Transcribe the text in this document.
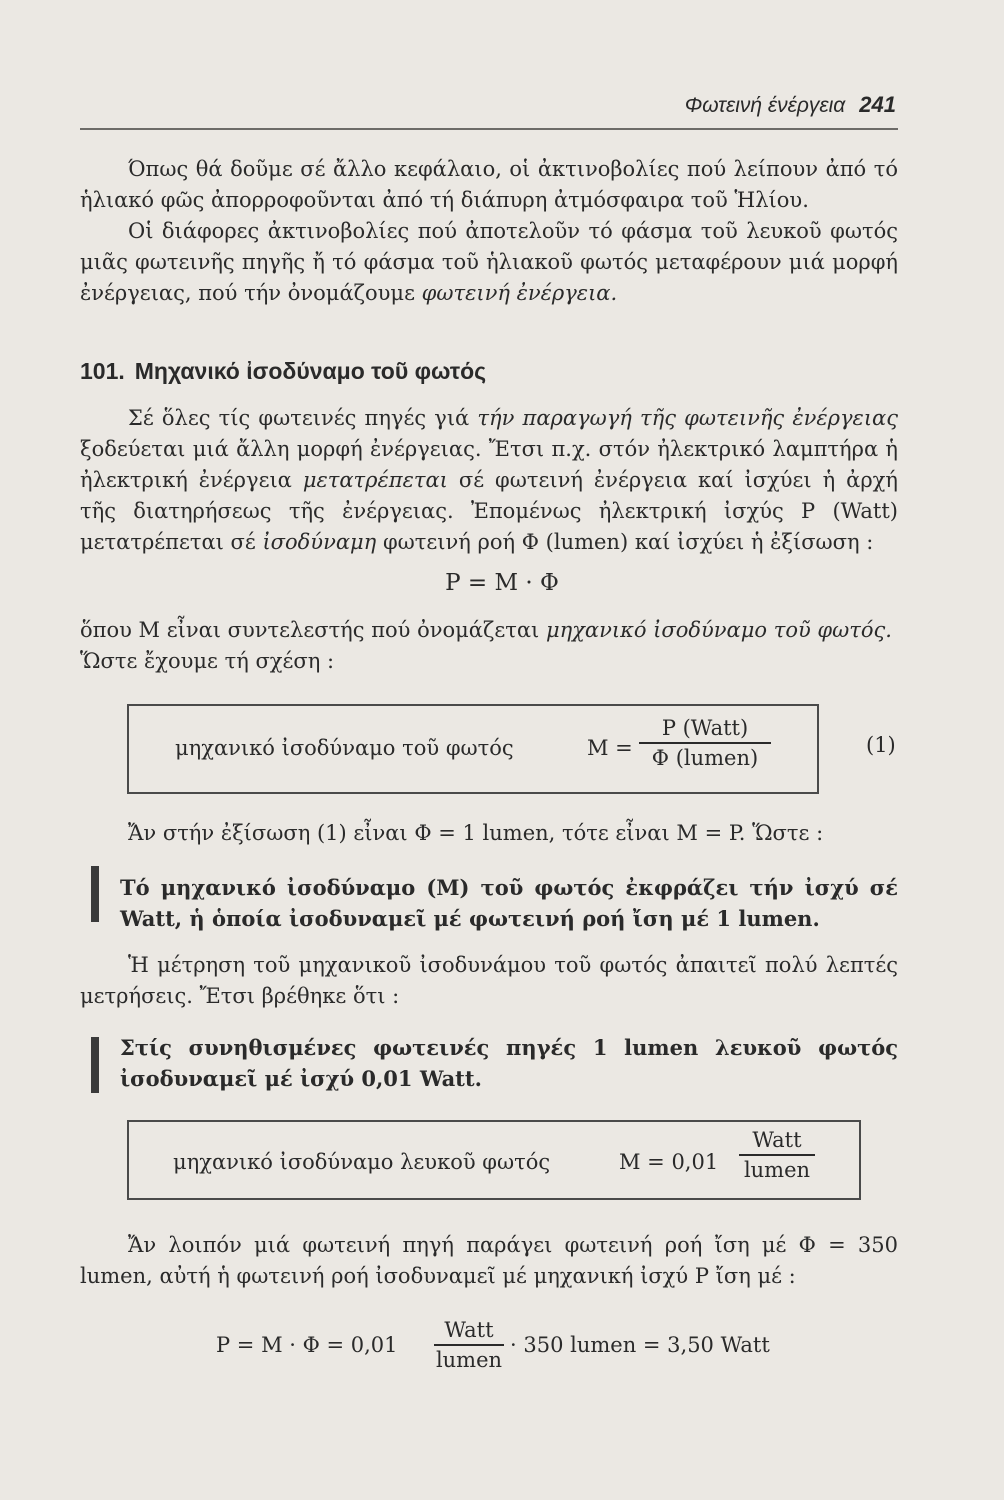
Φωτεινή ένέργεια 241

Όπως θά δοῦμε σέ ἄλλο κεφάλαιο, οἱ ἀκτινοβολίες πού λείπουν ἀπό τό ἡλιακό φῶς ἀπορροφοῦνται ἀπό τή διάπυρη ἀτμόσφαιρα τοῦ Ἡλίου.

Οἱ διάφορες ἀκτινοβολίες πού ἀποτελοῦν τό φάσμα τοῦ λευκοῦ φωτός μιᾶς φωτεινῆς πηγῆς ἤ τό φάσμα τοῦ ἡλιακοῦ φωτός μεταφέρουν μιά μορφή ἐνέργειας, πού τήν ὀνομάζουμε φωτεινή ἐνέργεια.

101. Μηχανικό ἰσοδύναμο τοῦ φωτός

Σέ ὅλες τίς φωτεινές πηγές γιά τήν παραγωγή τῆς φωτεινῆς ἐνέργειας ξοδεύεται μιά ἄλλη μορφή ἐνέργειας. Ἔτσι π.χ. στόν ἠλεκτρικό λαμπτήρα ἡ ἠλεκτρική ἐνέργεια μετατρέπεται σέ φωτεινή ἐνέργεια καί ἰσχύει ἡ ἀρχή τῆς διατηρήσεως τῆς ἐνέργειας. Ἐπομένως ἠλεκτρική ἰσχύς P (Watt) μετατρέπεται σέ ἰσοδύναμη φωτεινή ροή Φ (lumen) καί ἰσχύει ἡ ἐξίσωση :

P = M · Φ

ὅπου M εἶναι συντελεστής πού ὀνομάζεται μηχανικό ἰσοδύναμο τοῦ φωτός.
Ὥστε ἔχουμε τή σχέση :

μηχανικό ἰσοδύναμο τοῦ φωτός	M =
P (Watt)
Φ (lumen)
(1)

Ἄν στήν ἐξίσωση (1) εἶναι Φ = 1 lumen, τότε εἶναι M = P. Ὥστε :

Τό μηχανικό ἰσοδύναμο (M) τοῦ φωτός ἐκφράζει τήν ἰσχύ σέ Watt, ἡ ὁποία ἰσοδυναμεῖ μέ φωτεινή ροή ἴση μέ 1 lumen.

Ἡ μέτρηση τοῦ μηχανικοῦ ἰσοδυνάμου τοῦ φωτός ἀπαιτεῖ πολύ λεπτές μετρήσεις. Ἔτσι βρέθηκε ὅτι :

Στίς συνηθισμένες φωτεινές πηγές 1 lumen λευκοῦ φωτός ἰσοδυναμεῖ μέ ἰσχύ 0,01 Watt.

μηχανικό ἰσοδύναμο λευκοῦ φωτός	M = 0,01
Watt
lumen

Ἄν λοιπόν μιά φωτεινή πηγή παράγει φωτεινή ροή ἴση μέ Φ = 350 lumen, αὐτή ἡ φωτεινή ροή ἰσοδυναμεῖ μέ μηχανική ἰσχύ P ἴση μέ :

P = M · Φ = 0,01
Watt
lumen
· 350 lumen = 3,50 Watt
